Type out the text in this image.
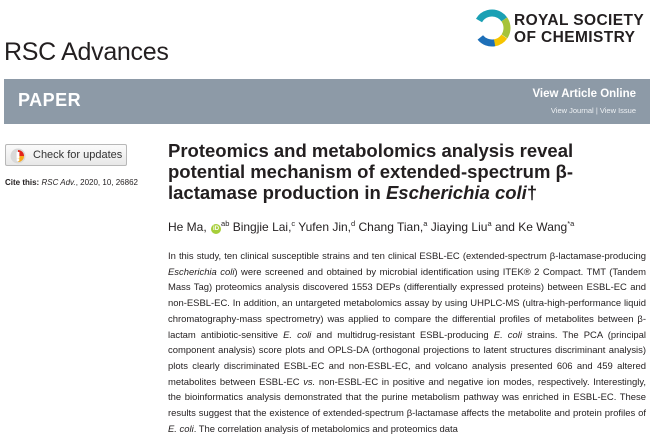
ROYAL SOCIETY
OF CHEMISTRY
RSC Advances
PAPER	View Article Online
View Journal | View Issue
Check for updates
Cite this: RSC Adv., 2020, 10, 26862
Proteomics and metabolomics analysis reveal potential mechanism of extended-spectrum β-lactamase production in Escherichia coli†
He Ma, $iD^{ab}$ Bingjie Lai,$^c$ Yufen Jin,$^d$ Chang Tian,$^a$ Jiaying Liu$^a$ and Ke Wang$^{*a}$

In this study, ten clinical susceptible strains and ten clinical ESBL-EC (extended-spectrum β-lactamase-producing Escherichia coli) were screened and obtained by microbial identification using ITEK® 2 Compact. TMT (Tandem Mass Tag) proteomics analysis discovered 1553 DEPs (differentially expressed proteins) between ESBL-EC and non-ESBL-EC. In addition, an untargeted metabolomics assay by using UHPLC-MS (ultra-high-performance liquid chromatography-mass spectrometry) was applied to compare the differential profiles of metabolites between β-lactam antibiotic-sensitive E. coli and multidrug-resistant ESBL-producing E. coli strains. The PCA (principal component analysis) score plots and OPLS-DA (orthogonal projections to latent structures discriminant analysis) plots clearly discriminated ESBL-EC and non-ESBL-EC, and volcano analysis presented 606 and 459 altered metabolites between ESBL-EC vs. non-ESBL-EC in positive and negative ion modes, respectively. Interestingly, the bioinformatics analysis demonstrated that the purine metabolism pathway was enriched in ESBL-EC. These results suggest that the existence of extended-spectrum β-lactamase affects the metabolite and protein profiles of E. coli. The correlation analysis of metabolomics and proteomics data
